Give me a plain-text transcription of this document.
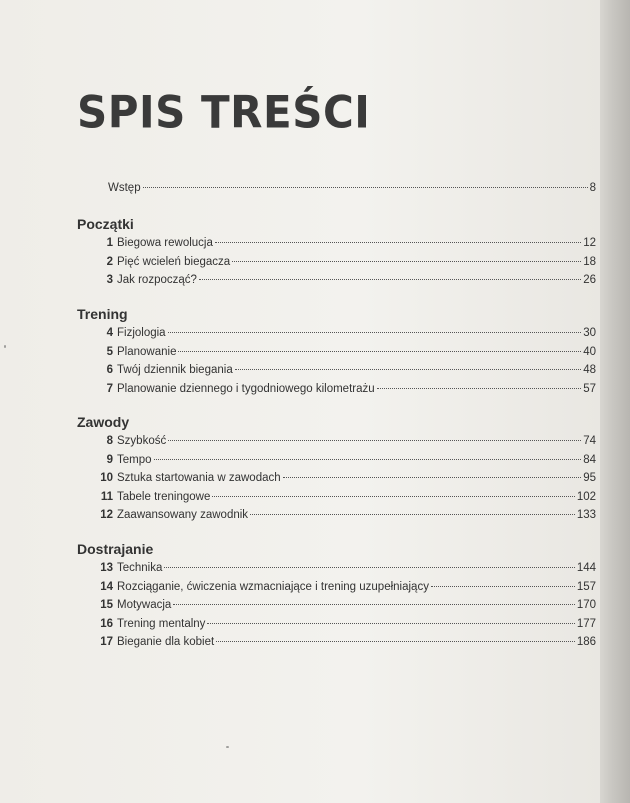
SPIS TREŚCI
Wstęp	8
Początki
1 Biegowa rewolucja	12
2 Pięć wcieleń biegacza	18
3 Jak rozpocząć?	26
Trening
4 Fizjologia	30
5 Planowanie	40
6 Twój dziennik biegania	48
7 Planowanie dziennego i tygodniowego kilometrażu	57
Zawody
8 Szybkość	74
9 Tempo	84
10 Sztuka startowania w zawodach	95
11 Tabele treningowe	102
12 Zaawansowany zawodnik	133
Dostrajanie
13 Technika	144
14 Rozciąganie, ćwiczenia wzmacniające i trening uzupełniający	157
15 Motywacja	170
16 Trening mentalny	177
17 Bieganie dla kobiet	186
